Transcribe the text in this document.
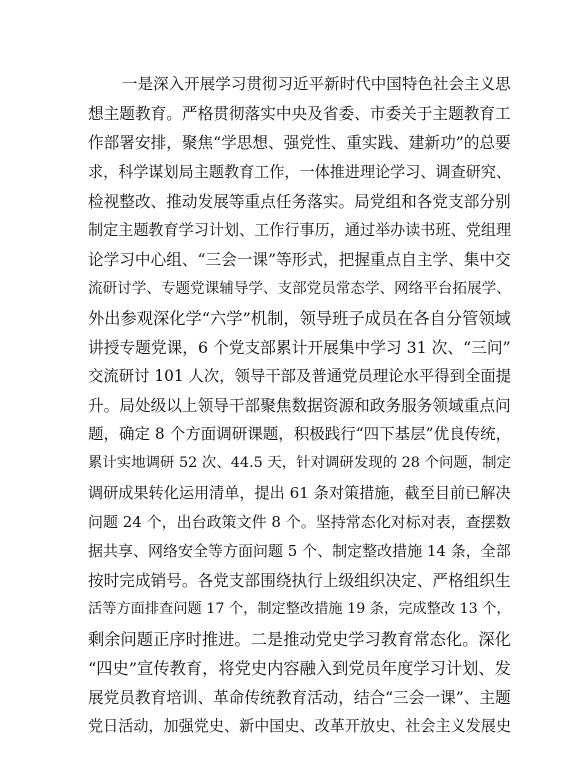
一是深入开展学习贯彻习近平新时代中国特色社会主义思
想主题教育。严格贯彻落实中央及省委、市委关于主题教育工
作部署安排，聚焦“学思想、强党性、重实践、建新功”的总要
求，科学谋划局主题教育工作，一体推进理论学习、调查研究、
检视整改、推动发展等重点任务落实。局党组和各党支部分别
制定主题教育学习计划、工作行事历，通过举办读书班、党组理
论学习中心组、“三会一课”等形式，把握重点自主学、集中交
流研讨学、专题党课辅导学、支部党员常态学、网络平台拓展学、
外出参观深化学“六学”机制，领导班子成员在各自分管领域
讲授专题党课，6 个党支部累计开展集中学习 31 次、“三问”
交流研讨 101 人次，领导干部及普通党员理论水平得到全面提
升。局处级以上领导干部聚焦数据资源和政务服务领域重点问
题，确定 8 个方面调研课题，积极践行“四下基层”优良传统，
累计实地调研 52 次、44.5 天，针对调研发现的 28 个问题，制定
调研成果转化运用清单，提出 61 条对策措施，截至目前已解决
问题 24 个，出台政策文件 8 个。坚持常态化对标对表，查摆数
据共享、网络安全等方面问题 5 个、制定整改措施 14 条，全部
按时完成销号。各党支部围绕执行上级组织决定、严格组织生
活等方面排查问题 17 个，制定整改措施 19 条，完成整改 13 个，
剩余问题正序时推进。二是推动党史学习教育常态化。深化
“四史”宣传教育，将党史内容融入到党员年度学习计划、发
展党员教育培训、革命传统教育活动，结合“三会一课”、主题
党日活动，加强党史、新中国史、改革开放史、社会主义发展史
